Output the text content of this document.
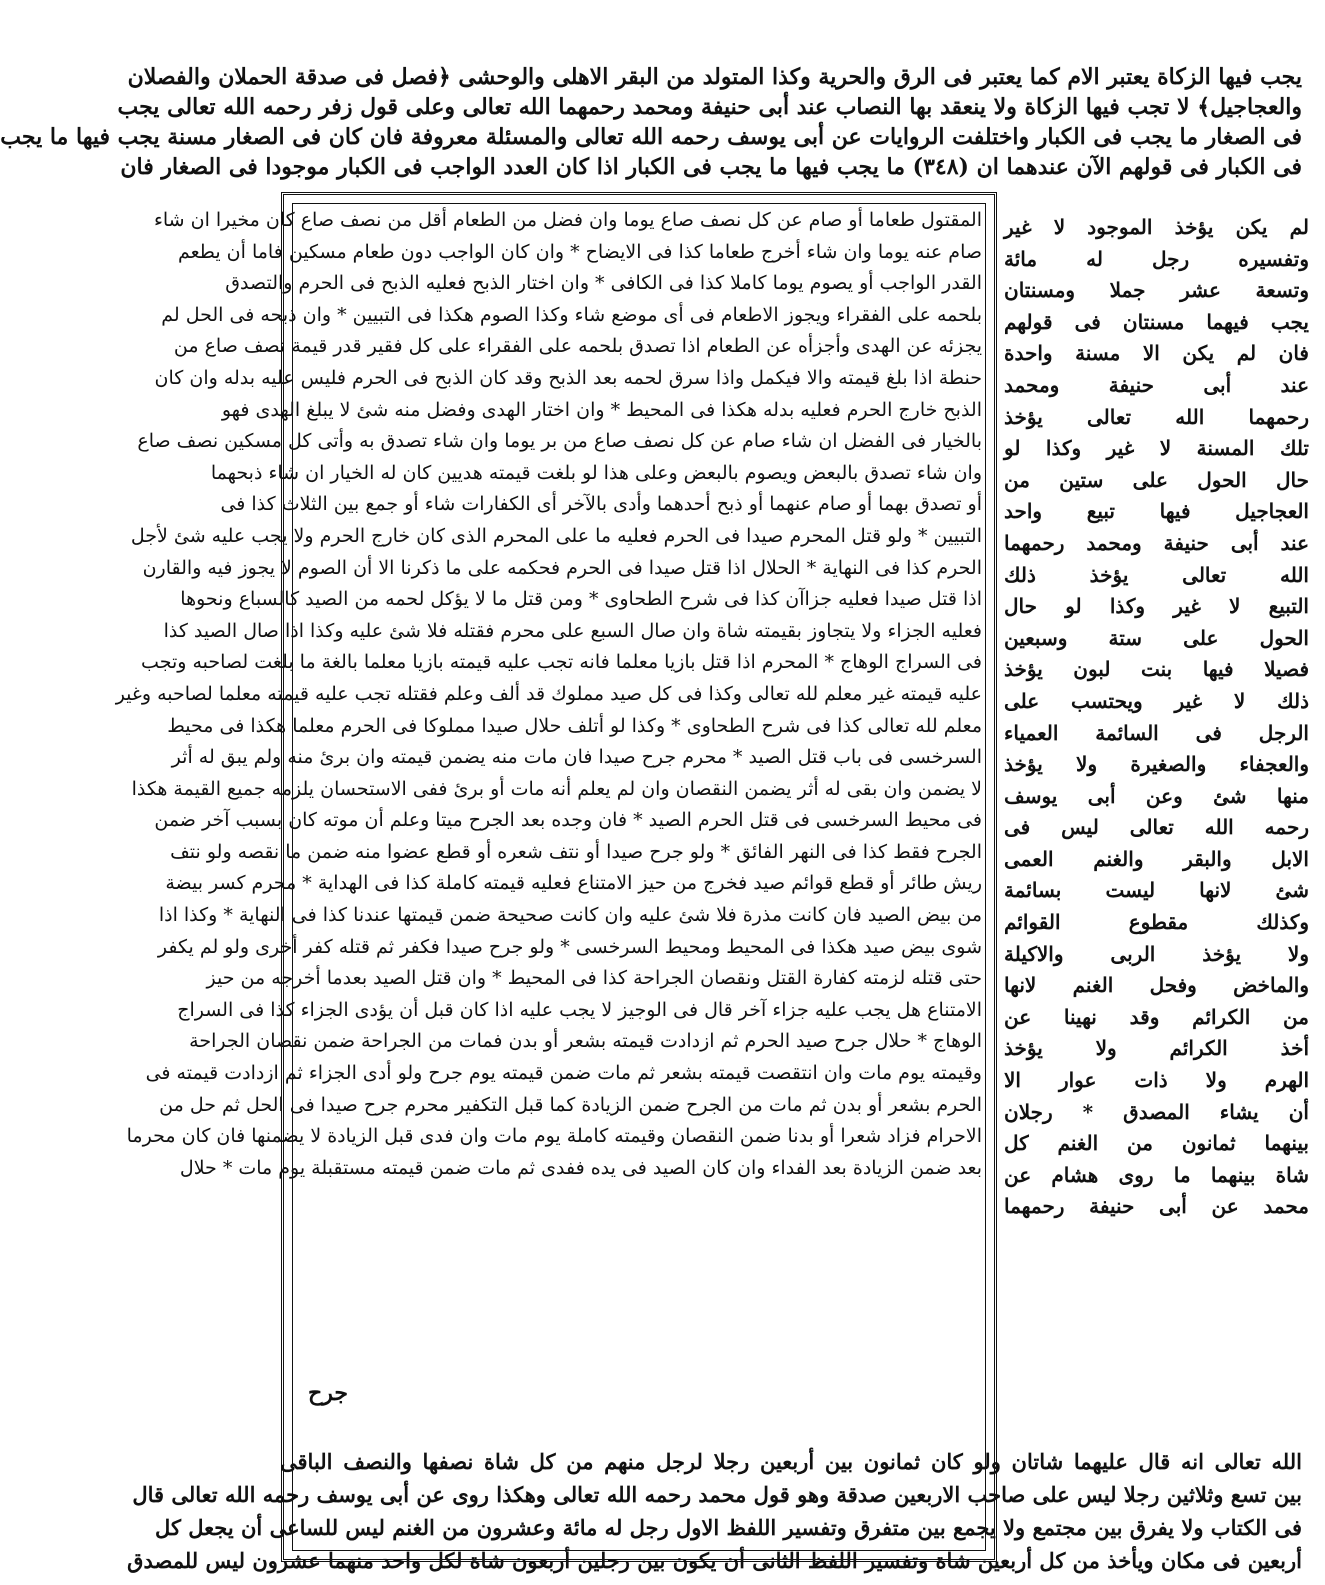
يجب فيها الزكاة يعتبر الام كما يعتبر فى الرق والحرية وكذا المتولد من البقر الاهلى والوحشى ﴿فصل فى صدقة الحملان والفصلان
والعجاجيل﴾ لا تجب فيها الزكاة ولا ينعقد بها النصاب عند أبى حنيفة ومحمد رحمهما الله تعالى وعلى قول زفر رحمه الله تعالى يجب
فى الصغار ما يجب فى الكبار واختلفت الروايات عن أبى يوسف رحمه الله تعالى والمسئلة معروفة فان كان فى الصغار مسنة يجب فيها ما يجب
فى الكبار فى قولهم الآن عندهما ان (٣٤٨) ما يجب فيها ما يجب فى الكبار اذا كان العدد الواجب فى الكبار موجودا فى الصغار فان
المقتول طعاما أو صام عن كل نصف صاع يوما وان فضل من الطعام أقل من نصف صاع كان مخيرا ان شاء
صام عنه يوما وان شاء أخرج طعاما كذا فى الايضاح * وان كان الواجب دون طعام مسكين فاما أن يطعم
القدر الواجب أو يصوم يوما كاملا كذا فى الكافى * وان اختار الذبح فعليه الذبح فى الحرم والتصدق
بلحمه على الفقراء ويجوز الاطعام فى أى موضع شاء وكذا الصوم هكذا فى التبيين * وان ذبحه فى الحل لم
يجزئه عن الهدى وأجزأه عن الطعام اذا تصدق بلحمه على الفقراء على كل فقير قدر قيمة نصف صاع من
حنطة اذا بلغ قيمته والا فيكمل واذا سرق لحمه بعد الذبح وقد كان الذبح فى الحرم فليس عليه بدله وان كان
الذبح خارج الحرم فعليه بدله هكذا فى المحيط * وان اختار الهدى وفضل منه شئ لا يبلغ الهدى فهو
بالخيار فى الفضل ان شاء صام عن كل نصف صاع من بر يوما وان شاء تصدق به وأتى كل مسكين نصف صاع
وان شاء تصدق بالبعض ويصوم بالبعض وعلى هذا لو بلغت قيمته هديين كان له الخيار ان شاء ذبحهما
أو تصدق بهما أو صام عنهما أو ذبح أحدهما وأدى بالآخر أى الكفارات شاء أو جمع بين الثلاث كذا فى
التبيين * ولو قتل المحرم صيدا فى الحرم فعليه ما على المحرم الذى كان خارج الحرم ولا يجب عليه شئ لأجل
الحرم كذا فى النهاية * الحلال اذا قتل صيدا فى الحرم فحكمه على ما ذكرنا الا أن الصوم لا يجوز فيه والقارن
اذا قتل صيدا فعليه جزاآن كذا فى شرح الطحاوى * ومن قتل ما لا يؤكل لحمه من الصيد كالسباع ونحوها
فعليه الجزاء ولا يتجاوز بقيمته شاة وان صال السبع على محرم فقتله فلا شئ عليه وكذا اذا صال الصيد كذا
فى السراج الوهاج * المحرم اذا قتل بازيا معلما فانه تجب عليه قيمته بازيا معلما بالغة ما بلغت لصاحبه وتجب
عليه قيمته غير معلم لله تعالى وكذا فى كل صيد مملوك قد ألف وعلم فقتله تجب عليه قيمته معلما لصاحبه وغير
معلم لله تعالى كذا فى شرح الطحاوى * وكذا لو أتلف حلال صيدا مملوكا فى الحرم معلما هكذا فى محيط
السرخسى فى باب قتل الصيد * محرم جرح صيدا فان مات منه يضمن قيمته وان برئ منه ولم يبق له أثر
لا يضمن وان بقى له أثر يضمن النقصان وان لم يعلم أنه مات أو برئ ففى الاستحسان يلزمه جميع القيمة هكذا
فى محيط السرخسى فى قتل الحرم الصيد * فان وجده بعد الجرح ميتا وعلم أن موته كان بسبب آخر ضمن
الجرح فقط كذا فى النهر الفائق * ولو جرح صيدا أو نتف شعره أو قطع عضوا منه ضمن ما نقصه ولو نتف
ريش طائر أو قطع قوائم صيد فخرج من حيز الامتناع فعليه قيمته كاملة كذا فى الهداية * محرم كسر بيضة
من بيض الصيد فان كانت مذرة فلا شئ عليه وان كانت صحيحة ضمن قيمتها عندنا كذا فى النهاية * وكذا اذا
شوى بيض صيد هكذا فى المحيط ومحيط السرخسى * ولو جرح صيدا فكفر ثم قتله كفر أخرى ولو لم يكفر
حتى قتله لزمته كفارة القتل ونقصان الجراحة كذا فى المحيط * وان قتل الصيد بعدما أخرجه من حيز
الامتناع هل يجب عليه جزاء آخر قال فى الوجيز لا يجب عليه اذا كان قبل أن يؤدى الجزاء كذا فى السراج
الوهاج * حلال جرح صيد الحرم ثم ازدادت قيمته بشعر أو بدن فمات من الجراحة ضمن نقصان الجراحة
وقيمته يوم مات وان انتقصت قيمته بشعر ثم مات ضمن قيمته يوم جرح ولو أدى الجزاء ثم ازدادت قيمته فى
الحرم بشعر أو بدن ثم مات من الجرح ضمن الزيادة كما قبل التكفير محرم جرح صيدا فى الحل ثم حل من
الاحرام فزاد شعرا أو بدنا ضمن النقصان وقيمته كاملة يوم مات وان فدى قبل الزيادة لا يضمنها فان كان محرما
بعد ضمن الزيادة بعد الفداء وان كان الصيد فى يده ففدى ثم مات ضمن قيمته مستقبلة يوم مات * حلال
لم يكن يؤخذ الموجود لا غير
وتفسيره رجل له مائة
وتسعة عشر جملا ومسنتان
يجب فيهما مسنتان فى قولهم
فان لم يكن الا مسنة واحدة
عند أبى حنيفة ومحمد
رحمهما الله تعالى يؤخذ
تلك المسنة لا غير وكذا لو
حال الحول على ستين من
العجاجيل فيها تبيع واحد
عند أبى حنيفة ومحمد رحمهما
الله تعالى يؤخذ ذلك
التبيع لا غير وكذا لو حال
الحول على ستة وسبعين
فصيلا فيها بنت لبون يؤخذ
ذلك لا غير ويحتسب على
الرجل فى السائمة العمياء
والعجفاء والصغيرة ولا يؤخذ
منها شئ وعن أبى يوسف
رحمه الله تعالى ليس فى
الابل والبقر والغنم العمى
شئ لانها ليست بسائمة
وكذلك مقطوع القوائم
ولا يؤخذ الربى والاكيلة
والماخض وفحل الغنم لانها
من الكرائم وقد نهينا عن
أخذ الكرائم ولا يؤخذ
الهرم ولا ذات عوار الا
أن يشاء المصدق * رجلان
بينهما ثمانون من الغنم كل
شاة بينهما ما روى هشام عن
محمد عن أبى حنيفة رحمهما
جرح
الله تعالى انه قال عليهما شاتان ولو كان ثمانون بين أربعين رجلا لرجل منهم من كل شاة نصفها والنصف الباقى
بين تسع وثلاثين رجلا ليس على صاحب الاربعين صدقة وهو قول محمد رحمه الله تعالى وهكذا روى عن أبى يوسف رحمه الله تعالى قال
فى الكتاب ولا يفرق بين مجتمع ولا يجمع بين متفرق وتفسير اللفظ الاول رجل له مائة وعشرون من الغنم ليس للساعى أن يجعل كل
أربعين فى مكان ويأخذ من كل أربعين شاة وتفسير اللفظ الثانى أن يكون بين رجلين أربعون شاة لكل واحد منهما عشرون ليس للمصدق
